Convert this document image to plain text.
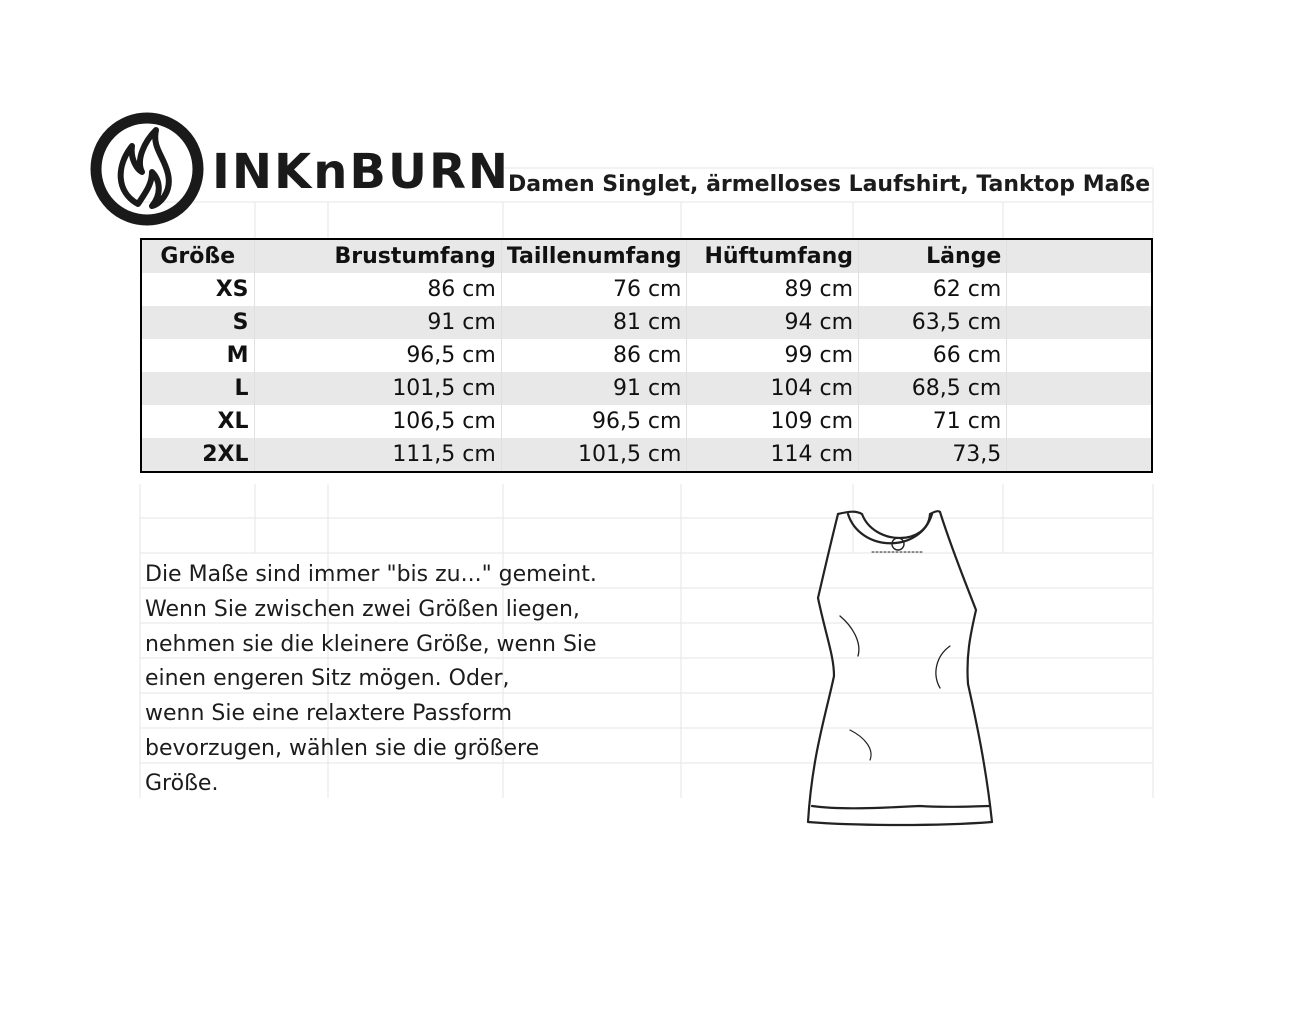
INKnBURN
Damen Singlet, ärmelloses Laufshirt, Tanktop Maße
Größe	Brustumfang	Taillenumfang	Hüftumfang	Länge	
XS	86 cm	76 cm	89 cm	62 cm	
S	91 cm	81 cm	94 cm	63,5 cm	
M	96,5 cm	86 cm	99 cm	66 cm	
L	101,5 cm	91 cm	104 cm	68,5 cm	
XL	106,5 cm	96,5 cm	109 cm	71 cm	
2XL	111,5 cm	101,5 cm	114 cm	73,5	
Die Maße sind immer "bis zu..." gemeint.
Wenn Sie zwischen zwei Größen liegen,
nehmen sie die kleinere Größe, wenn Sie
einen engeren Sitz mögen. Oder,
wenn Sie eine relaxtere Passform
bevorzugen, wählen sie die größere
Größe.
